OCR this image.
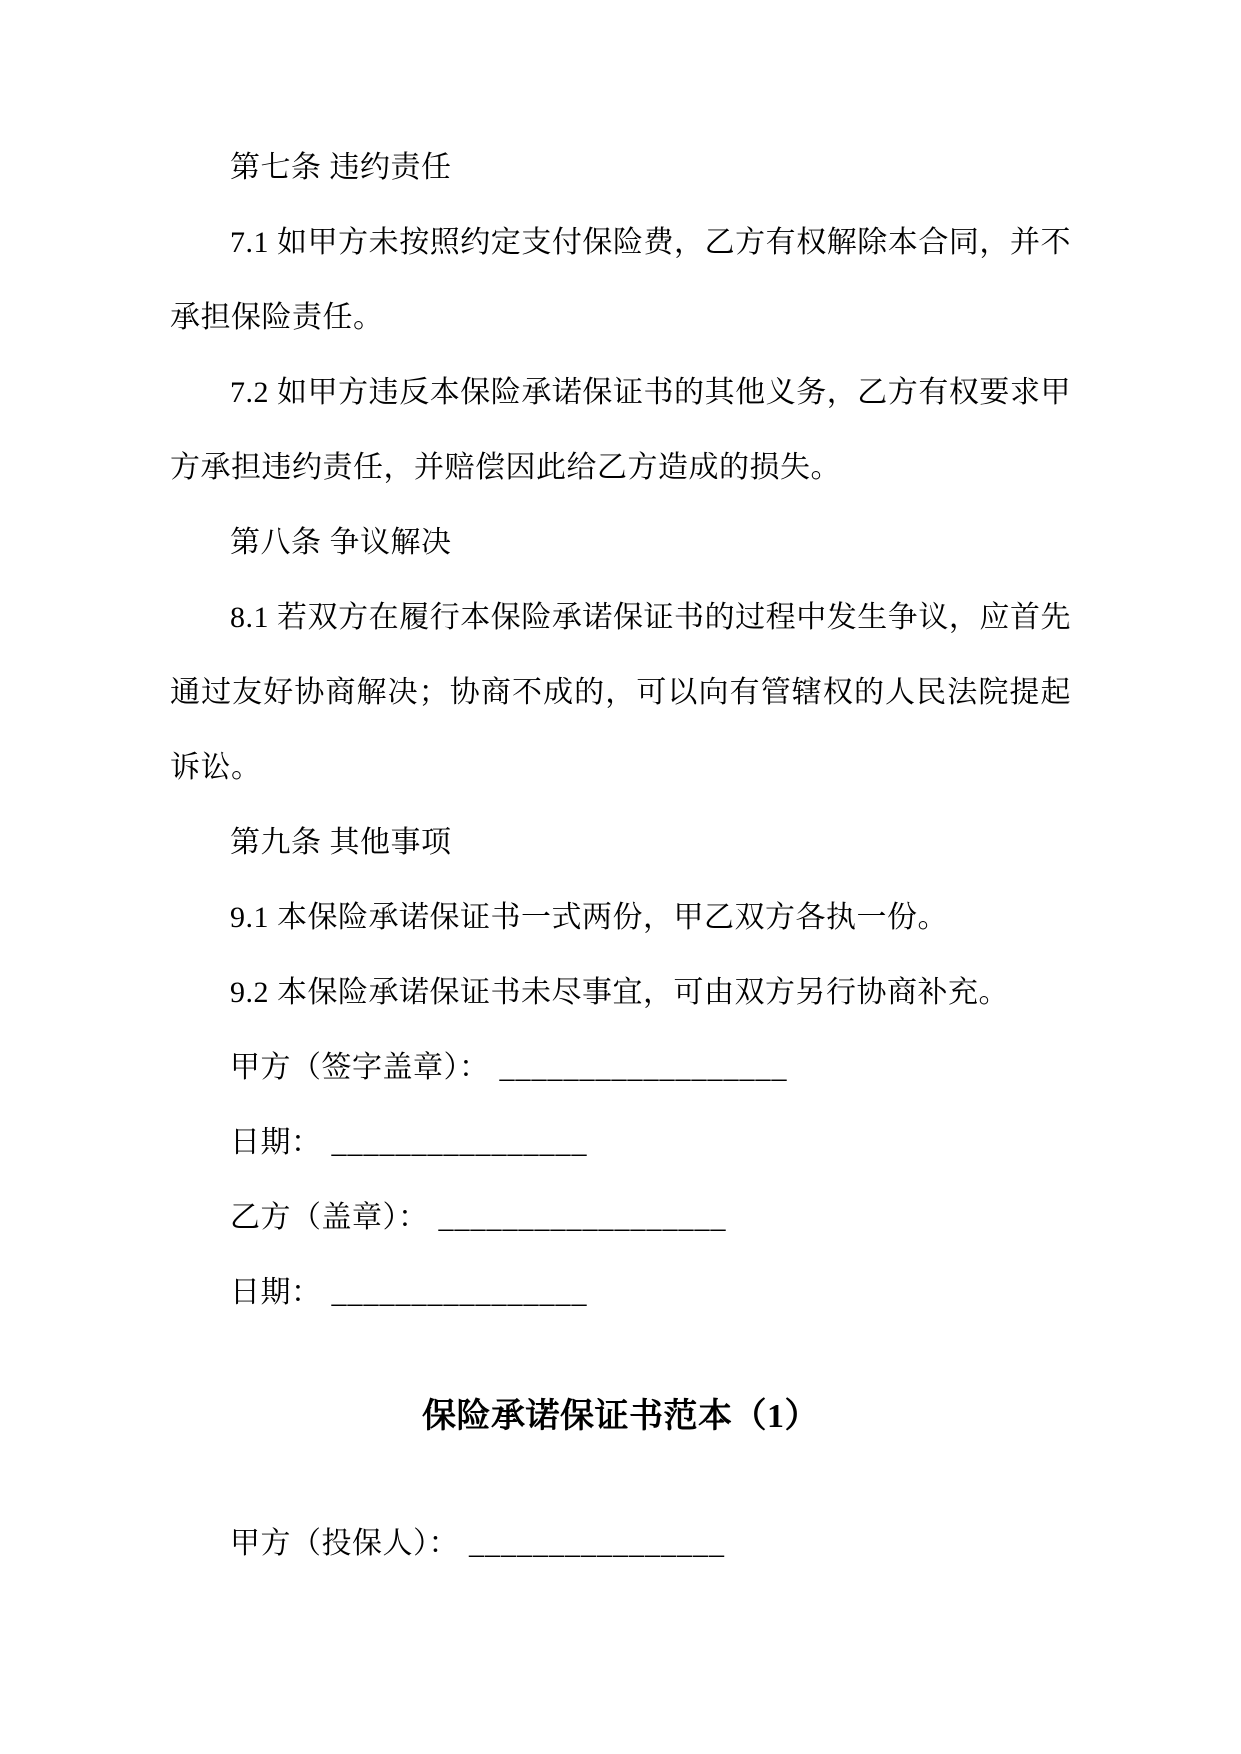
第七条 违约责任

7.1 如甲方未按照约定支付保险费，乙方有权解除本合同，并不承担保险责任。

7.2 如甲方违反本保险承诺保证书的其他义务，乙方有权要求甲方承担违约责任，并赔偿因此给乙方造成的损失。

第八条 争议解决

8.1 若双方在履行本保险承诺保证书的过程中发生争议，应首先通过友好协商解决；协商不成的，可以向有管辖权的人民法院提起诉讼。

第九条 其他事项

9.1 本保险承诺保证书一式两份，甲乙双方各执一份。

9.2 本保险承诺保证书未尽事宜，可由双方另行协商补充。

甲方（签字盖章）： __________________

日期： ________________

乙方（盖章）： __________________

日期： ________________

保险承诺保证书范本（1）

甲方（投保人）： ________________
